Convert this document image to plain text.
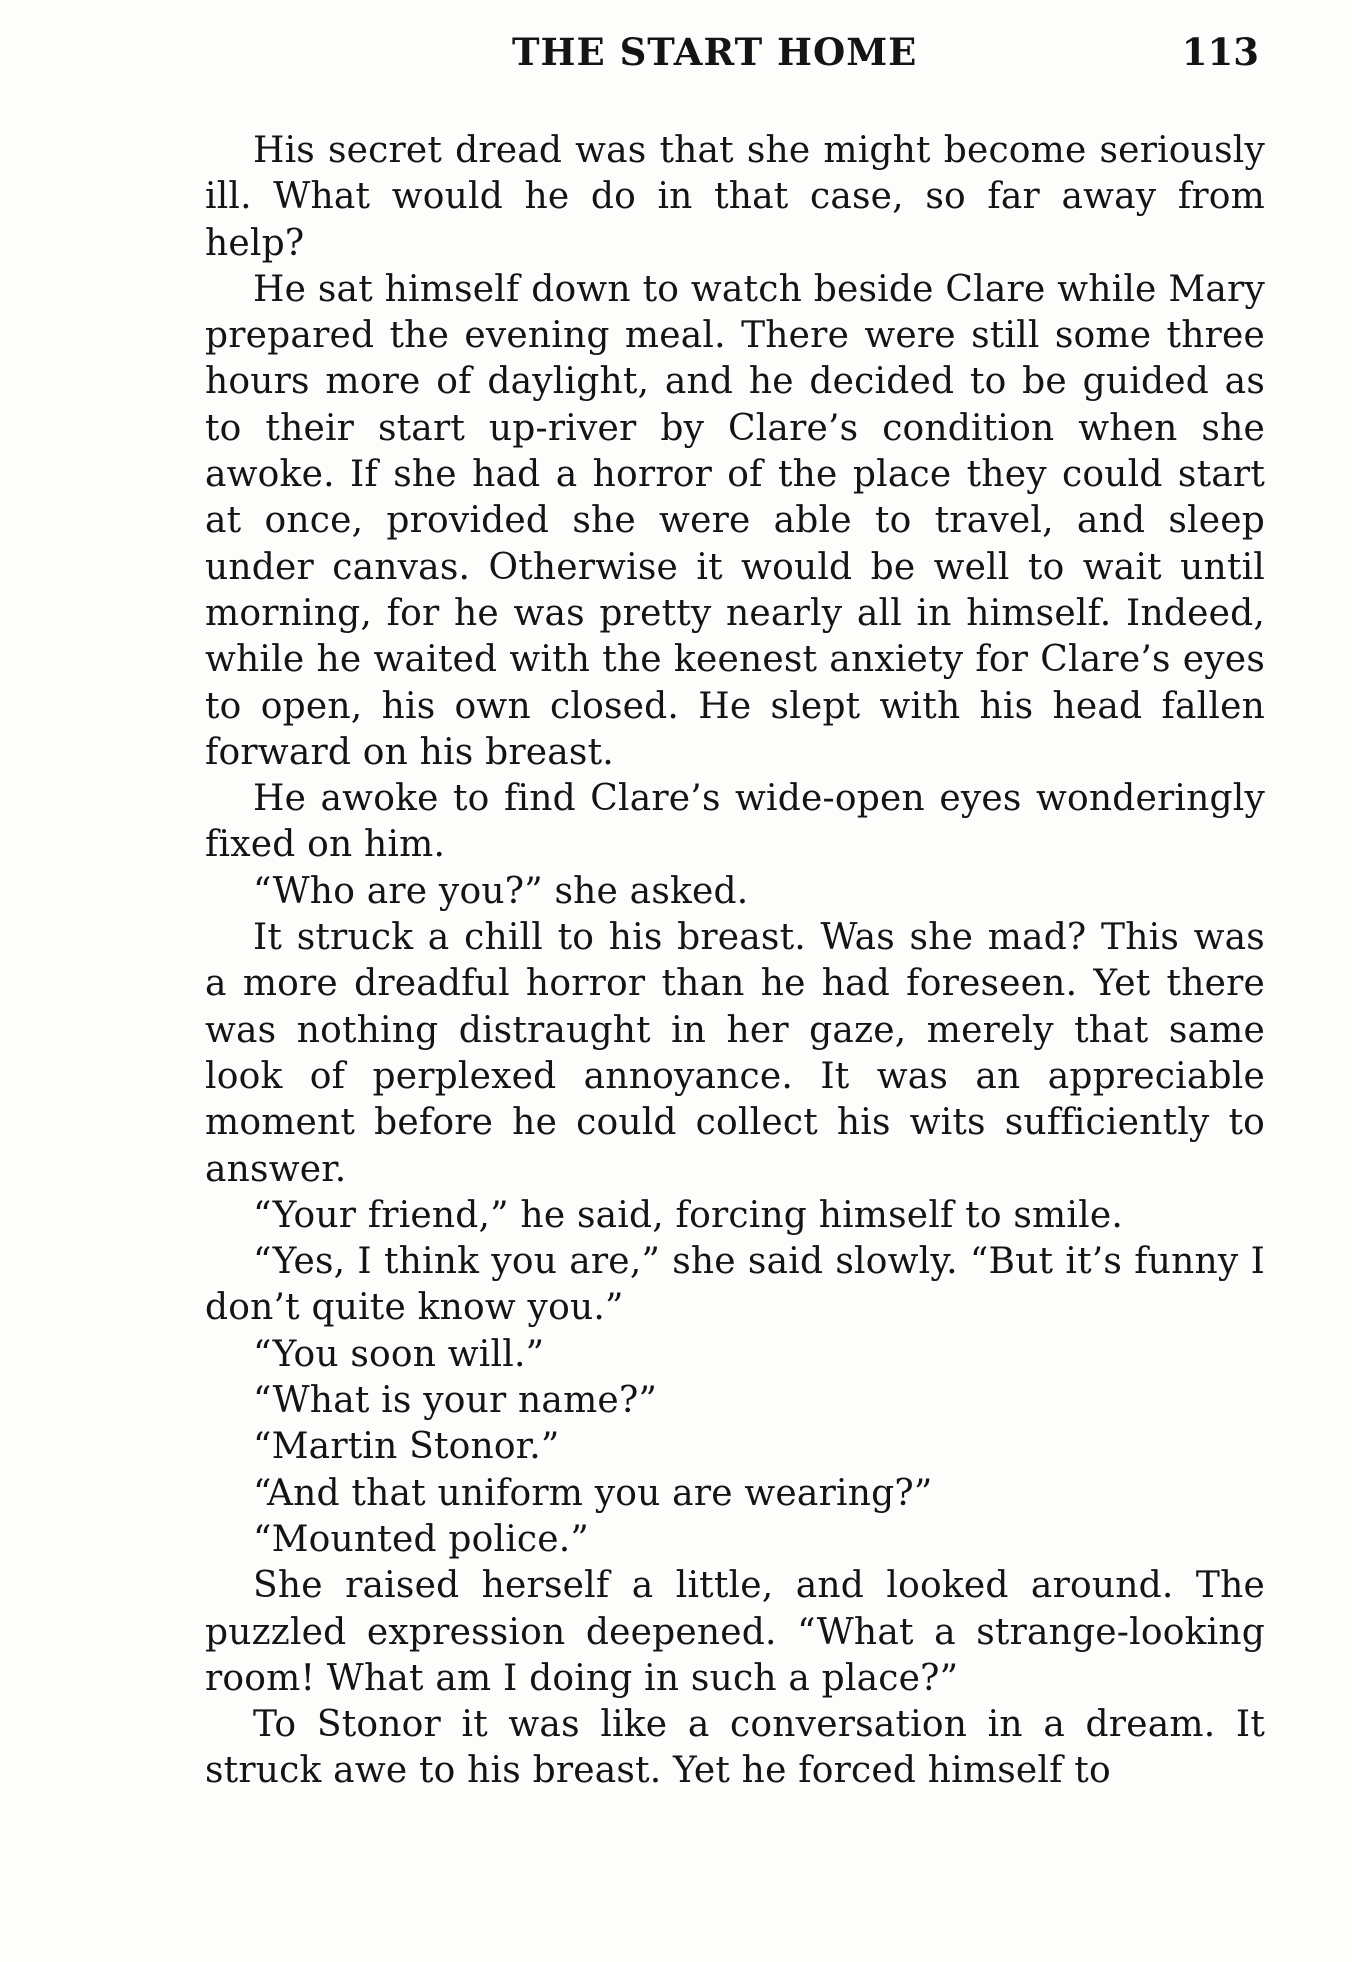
THE START HOME	113

His secret dread was that she might become seriously ill. What would he do in that case, so far away from help?

He sat himself down to watch beside Clare while Mary prepared the evening meal. There were still some three hours more of daylight, and he decided to be guided as to their start up-river by Clare’s condition when she awoke. If she had a horror of the place they could start at once, provided she were able to travel, and sleep under canvas. Otherwise it would be well to wait until morning, for he was pretty nearly all in himself. Indeed, while he waited with the keenest anxiety for Clare’s eyes to open, his own closed. He slept with his head fallen forward on his breast.

He awoke to find Clare’s wide-open eyes wonderingly fixed on him.

“Who are you?” she asked.

It struck a chill to his breast. Was she mad? This was a more dreadful horror than he had foreseen. Yet there was nothing distraught in her gaze, merely that same look of perplexed annoyance. It was an appreciable moment before he could collect his wits sufficiently to answer.

“Your friend,” he said, forcing himself to smile.

“Yes, I think you are,” she said slowly. “But it’s funny I don’t quite know you.”

“You soon will.”

“What is your name?”

“Martin Stonor.”

“And that uniform you are wearing?”

“Mounted police.”

She raised herself a little, and looked around. The puzzled expression deepened. “What a strange-looking room! What am I doing in such a place?”

To Stonor it was like a conversation in a dream. It struck awe to his breast. Yet he forced himself to
